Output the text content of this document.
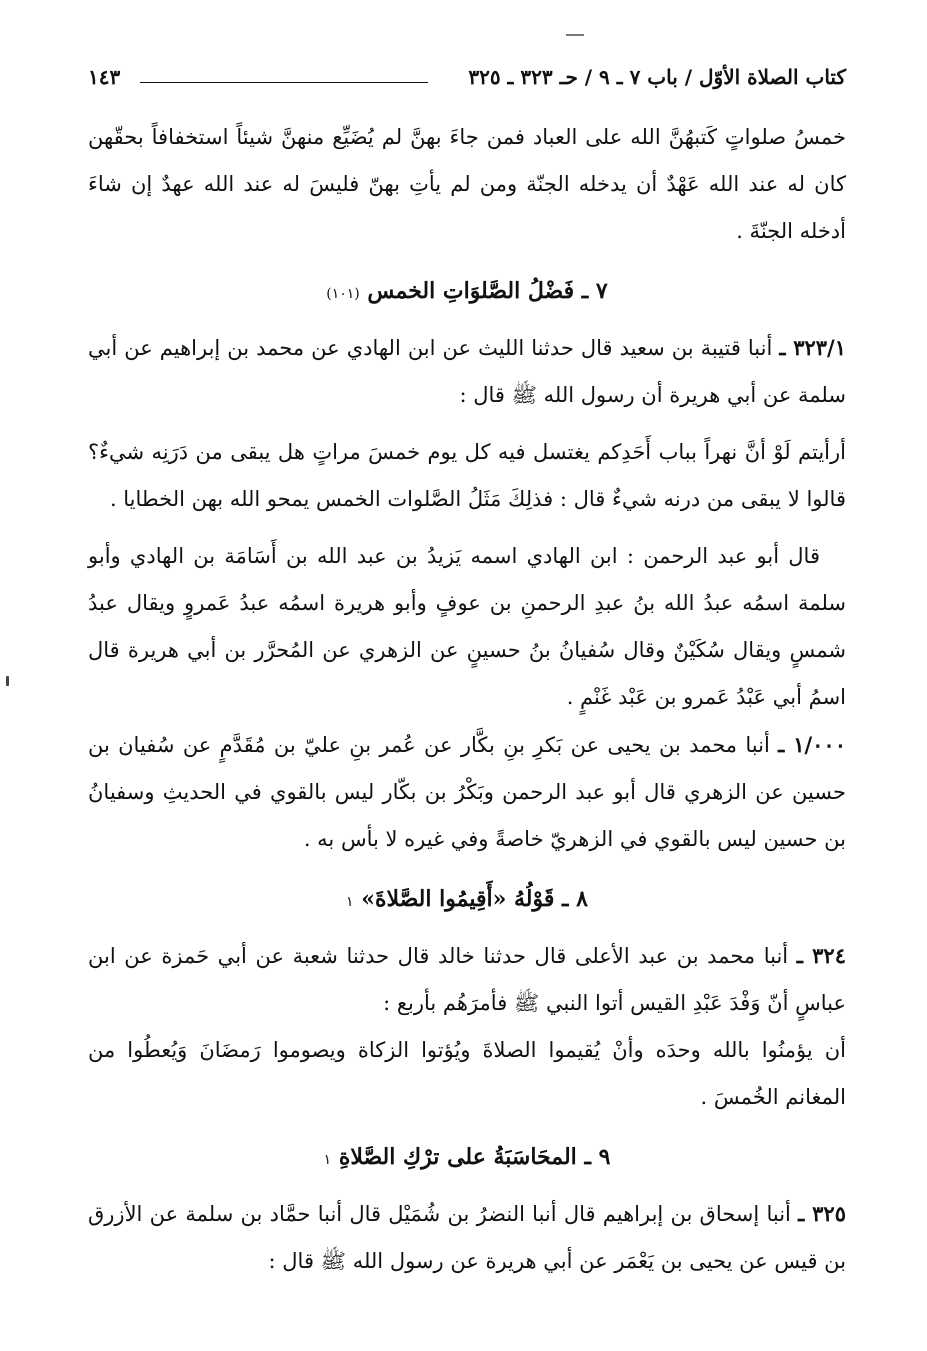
كتاب الصلاة الأوّل / باب ٧ ـ ٩ / حـ ٣٢٣ ـ ٣٢٥
١٤٣

خمسُ صلواتٍ كَتبهُنَّ الله على العباد فمن جاءَ بهنَّ لم يُضَيِّع منهنَّ شيئاً استخفافاً بحقّهن كان له عند الله عَهْدٌ أن يدخله الجنّة ومن لم يأتِ بهنّ فليسَ له عند الله عهدٌ إن شاءَ أدخله الجنّةَ .

٧ ـ فَضْلُ الصَّلوَاتِ الخمس (١٠١)

٣٢٣/١ ـ أنبا قتيبة بن سعيد قال حدثنا الليث عن ابن الهادي عن محمد بن إبراهيم عن أبي سلمة عن أبي هريرة أن رسول الله ﷺ قال :

أرأيتم لَوْ أنَّ نهراً بباب أَحَدِكم يغتسل فيه كل يوم خمسَ مراتٍ هل يبقى من دَرَنِه شيءٌ؟ قالوا لا يبقى من درنه شيءٌ قال : فذلِكَ مَثَلُ الصَّلوات الخمس يمحو الله بهن الخطايا .

قال أبو عبد الرحمن : ابن الهادي اسمه يَزيدُ بن عبد الله بن أَسَامَة بن الهادي وأبو سلمة اسمُه عبدُ الله بنُ عبدِ الرحمنِ بن عوفٍ وأبو هريرة اسمُه عبدُ عَمروٍ ويقال عبدُ شمسٍ ويقال سُكَيْنٌ وقال سُفيانُ بنُ حسينٍ عن الزهري عن المُحرَّر بن أبي هريرة قال اسمُ أبي عَبْدُ عَمرو بن عَبْد غَنْمٍ .

١/٠٠٠ ـ أنبا محمد بن يحيى عن بَكرِ بنِ بكَّار عن عُمر بنِ عليّ بن مُقَدَّمٍ عن سُفيان بن حسين عن الزهري قال أبو عبد الرحمن وبَكْرُ بن بكّار ليس بالقوي في الحديثِ وسفيانُ بن حسين ليس بالقوي في الزهريّ خاصةً وفي غيره لا بأس به .

٨ ـ قَوْلُهُ «أَقِيمُوا الصَّلاةَ» ١

٣٢٤ ـ أنبا محمد بن عبد الأعلى قال حدثنا خالد قال حدثنا شعبة عن أبي حَمزة عن ابن عباسٍ أنّ وَفْدَ عَبْدِ القيس أتوا النبي ﷺ فأمرَهُم بأربع :

أن يؤمنُوا بالله وحدَه وأنْ يُقيموا الصلاةَ ويُؤتوا الزكاة ويصوموا رَمضَانَ وَيُعطُوا من المغانم الخُمسَ .

٩ ـ المحَاسَبَةُ على ترْكِ الصَّلاةِ ١

٣٢٥ ـ أنبا إسحاق بن إبراهيم قال أنبا النضرُ بن شُمَيْل قال أنبا حمَّاد بن سلمة عن الأزرق بن قيس عن يحيى بن يَعْمَر عن أبي هريرة عن رسول الله ﷺ قال :
